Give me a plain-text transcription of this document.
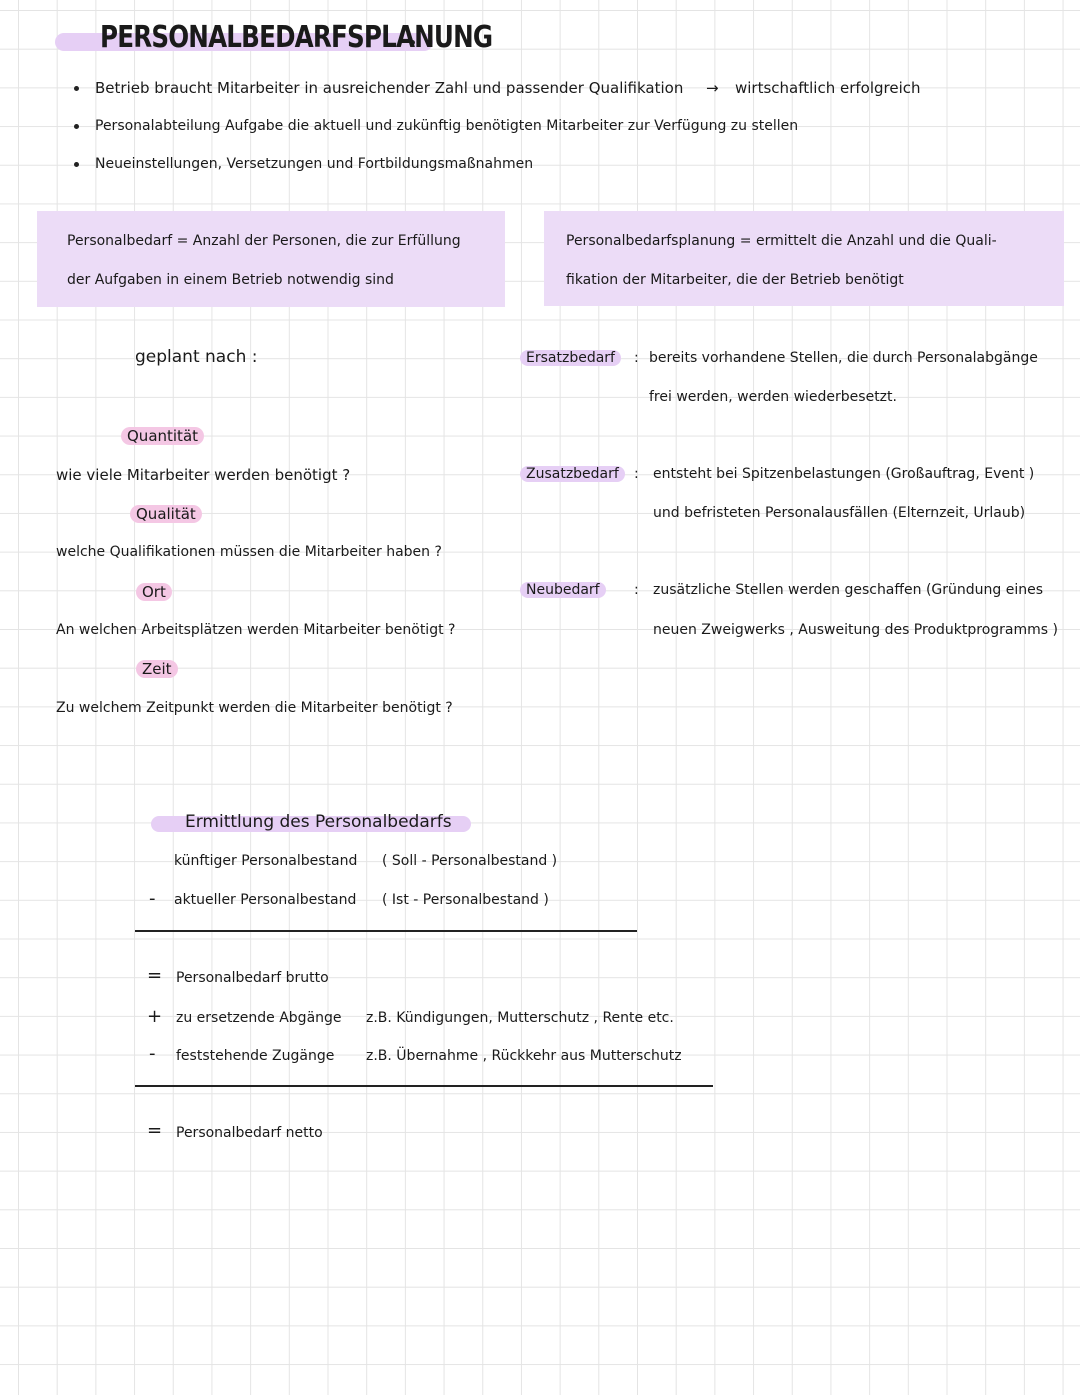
PERSONALBEDARFSPLANUNG
Betrieb braucht Mitarbeiter in ausreichender Zahl und passender Qualifikation → wirtschaftlich erfolgreich
Personalabteilung Aufgabe die aktuell und zukünftig benötigten Mitarbeiter zur Verfügung zu stellen
Neueinstellungen, Versetzungen und Fortbildungsmaßnahmen
Personalbedarf = Anzahl der Personen, die zur Erfüllung
der Aufgaben in einem Betrieb notwendig sind
Personalbedarfsplanung = ermittelt die Anzahl und die Quali-
fikation der Mitarbeiter, die der Betrieb benötigt
geplant nach :
Quantität
wie viele Mitarbeiter werden benötigt ?
Qualität
welche Qualifikationen müssen die Mitarbeiter haben ?
Ort
An welchen Arbeitsplätzen werden Mitarbeiter benötigt ?
Zeit
Zu welchem Zeitpunkt werden die Mitarbeiter benötigt ?
Ersatzbedarf	: bereits vorhandene Stellen, die durch Personalabgänge
frei werden, werden wiederbesetzt.
Zusatzbedarf	: entsteht bei Spitzenbelastungen (Großauftrag, Event )
und befristeten Personalausfällen (Elternzeit, Urlaub)
Neubedarf	: zusätzliche Stellen werden geschaffen (Gründung eines
neuen Zweigwerks , Ausweitung des Produktprogramms )
Ermittlung des Personalbedarfs
künftiger Personalbestand ( Soll - Personalbestand )
- aktueller Personalbestand ( Ist - Personalbestand )
= Personalbedarf brutto
+ zu ersetzende Abgänge z.B. Kündigungen, Mutterschutz , Rente etc.
- feststehende Zugänge z.B. Übernahme , Rückkehr aus Mutterschutz
= Personalbedarf netto
